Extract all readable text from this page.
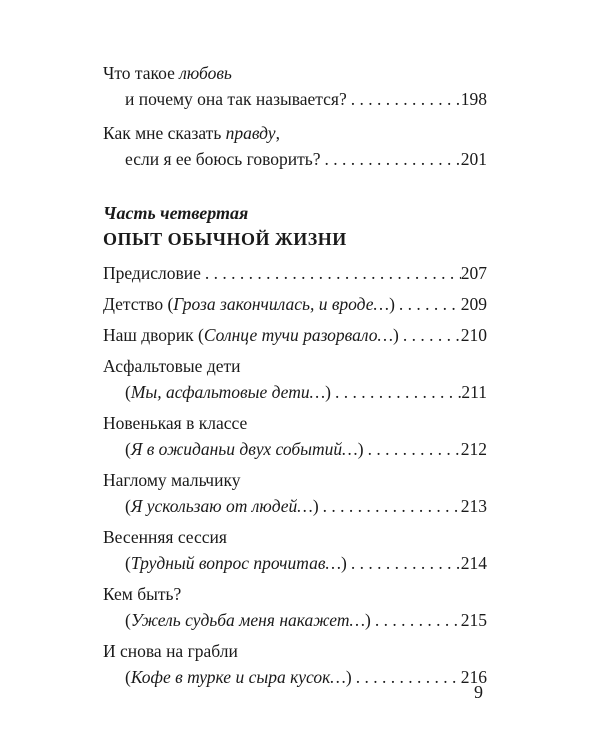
Что такое любовь
и почему она так называется? . . .	198
Как мне сказать правду,
если я ее боюсь говорить? . . .	201
Часть четвертая
ОПЫТ ОБЫЧНОЙ ЖИЗНИ
Предисловие . . .	207
Детство (Гроза закончилась, и вроде…) . . .	209
Наш дворик (Солнце тучи разорвало…) . . .	210
Асфальтовые дети
(Мы, асфальтовые дети…) . . .	211
Новенькая в классе
(Я в ожиданьи двух событий…) . . .	212
Наглому мальчику
(Я ускользаю от людей…) . . .	213
Весенняя сессия
(Трудный вопрос прочитав…) . . .	214
Кем быть?
(Ужель судьба меня накажет…) . . .	215
И снова на грабли
(Кофе в турке и сыра кусок…) . . .	216
9
